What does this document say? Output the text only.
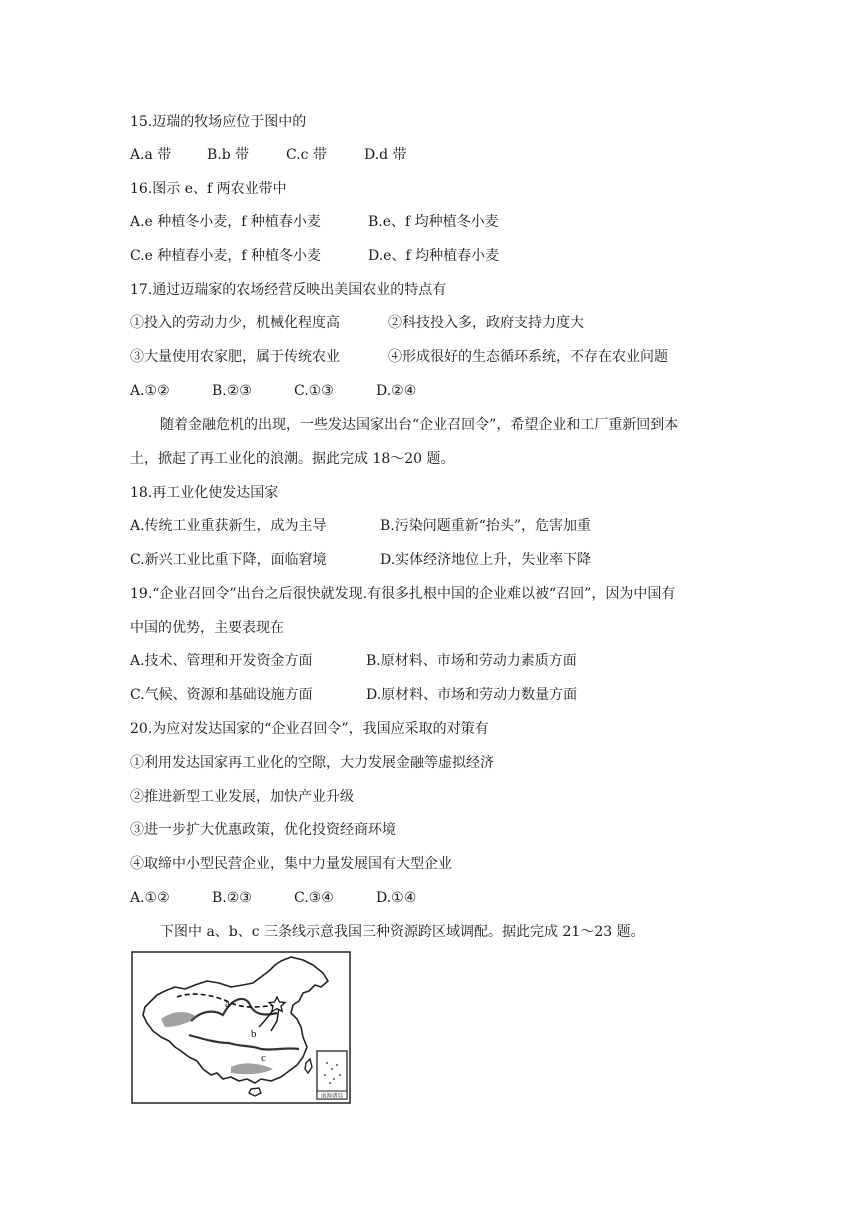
15.迈瑞的牧场应位于图中的
A.a 带	B.b 带	C.c 带	D.d 带
16.图示 e、f 两农业带中
A.e 种植冬小麦，f 种植春小麦	B.e、f 均种植冬小麦
C.e 种植春小麦，f 种植冬小麦	D.e、f 均种植春小麦
17.通过迈瑞家的农场经营反映出美国农业的特点有
①投入的劳动力少，机械化程度高	②科技投入多，政府支持力度大
③大量使用农家肥，属于传统农业	④形成很好的生态循环系统，不存在农业问题
A.①②	B.②③	C.①③	D.②④
随着金融危机的出现，一些发达国家出台“企业召回令”，希望企业和工厂重新回到本
土，掀起了再工业化的浪潮。据此完成 18～20 题。
18.再工业化使发达国家
A.传统工业重获新生，成为主导	B.污染问题重新“抬头”，危害加重
C.新兴工业比重下降，面临窘境	D.实体经济地位上升，失业率下降
19.“企业召回令”出台之后很快就发现.有很多扎根中国的企业难以被“召回”，因为中国有
中国的优势，主要表现在
A.技术、管理和开发资金方面	B.原材料、市场和劳动力素质方面
C.气候、资源和基础设施方面	D.原材料、市场和劳动力数量方面
20.为应对发达国家的“企业召回令”，我国应采取的对策有
①利用发达国家再工业化的空隙，大力发展金融等虚拟经济
②推进新型工业发展，加快产业升级
③进一步扩大优惠政策，优化投资经商环境
④取缔中小型民营企业，集中力量发展国有大型企业
A.①②	B.②③	C.③④	D.①④
下图中 a、b、c 三条线示意我国三种资源跨区域调配。据此完成 21～23 题。
a
b
c
南海诸岛
